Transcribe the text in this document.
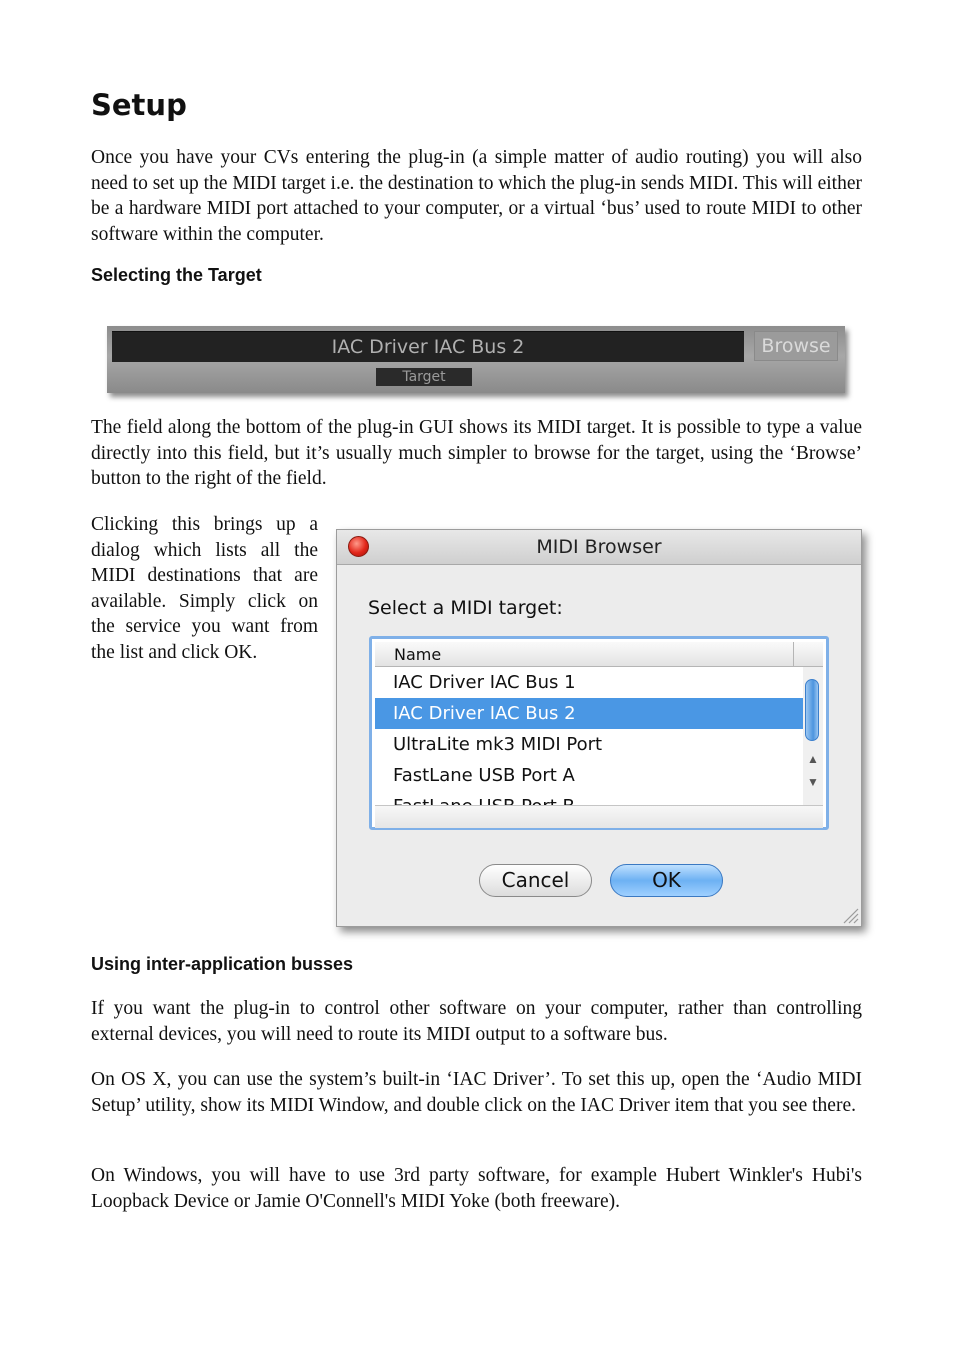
Setup

Once you have your CVs entering the plug-in (a simple matter of audio routing) you will also need to set up the MIDI target i.e. the destination to which the plug-in sends MIDI. This will either be a hardware MIDI port attached to your computer, or a virtual ‘bus’ used to route MIDI to other software within the computer.

Selecting the Target
IAC Driver IAC Bus 2	Browse
Target

The field along the bottom of the plug-in GUI shows its MIDI target. It is possible to type a value directly into this field, but it’s usually much simpler to browse for the target, using the ‘Browse’ button to the right of the field.

Clicking this brings up a dialog which lists all the MIDI destinations that are available. Simply click on the service you want from the list and click OK.

MIDI Browser

Select a MIDI target:

Name
IAC Driver IAC Bus 1
IAC Driver IAC Bus 2
UltraLite mk3 MIDI Port
FastLane USB Port A
▲
▼
Cancel	OK
Using inter-application busses

If you want the plug-in to control other software on your computer, rather than controlling external devices, you will need to route its MIDI output to a software bus.

On OS X, you can use the system’s built-in ‘IAC Driver’. To set this up, open the ‘Audio MIDI Setup’ utility, show its MIDI Window, and double click on the IAC Driver item that you see there.

On Windows, you will have to use 3rd party software, for example Hubert Winkler's Hubi's Loopback Device or Jamie O'Connell's MIDI Yoke (both freeware).
